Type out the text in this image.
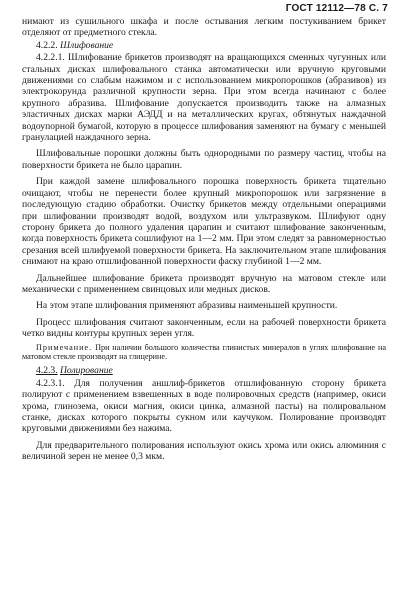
ГОСТ 12112—78 С. 7

нимают из сушильного шкафа и после остывания легким постукиванием брикет отделяют от предметного стекла.

4.2.2. Шлифование

4.2.2.1. Шлифование брикетов производят на вращающихся сменных чугунных или стальных дисках шлифовального станка автоматически или вручную круговыми движениями со слабым нажимом и с использованием микропорошков (абразивов) из электрокорунда различной крупности зерна. При этом всегда начинают с более крупного абразива. Шлифование допускается производить также на алмазных эластичных дисках марки АЭДД и на металлических кругах, обтянутых наждачной водоупорной бумагой, которую в процессе шлифования заменяют на бумагу с меньшей гранулацией наждачного зерна.

Шлифовальные порошки должны быть однородными по размеру частиц, чтобы на поверхности брикета не было царапин.

При каждой замене шлифовального порошка поверхность брикета тщательно очищают, чтобы не перенести более крупный микропорошок или загрязнение в последующую стадию обработки. Очистку брикетов между отдельными операциями при шлифовании производят водой, воздухом или ультразвуком. Шлифуют одну сторону брикета до полного удаления царапин и считают шлифование законченным, когда поверхность брикета сошлифуют на 1—2 мм. При этом следят за равномерностью срезания всей шлифуемой поверхности брикета. На заключительном этапе шлифования снимают на краю отшлифованной поверхности фаску глубиной 1—2 мм.

Дальнейшее шлифование брикета производят вручную на матовом стекле или механически с применением свинцовых или медных дисков.

На этом этапе шлифования применяют абразивы наименьшей крупности.

Процесс шлифования считают законченным, если на рабочей поверхности брикета четко видны контуры крупных зерен угля.

Примечание. При наличии большого количества глинистых минералов в углях шлифование на матовом стекле производят на глицерине.

4.2.3. Полирование

4.2.3.1. Для получения аншлиф-брикетов отшлифованную сторону брикета полируют с применением взвешенных в воде полировочных средств (например, окиси хрома, глинозема, окиси магния, окиси цинка, алмазной пасты) на полировальном станке, дисках которого покрыты сукном или каучуком. Полирование производят круговыми движениями без нажима.

Для предварительного полирования используют окись хрома или окись алюминия с величиной зерен не менее 0,3 мкм.
